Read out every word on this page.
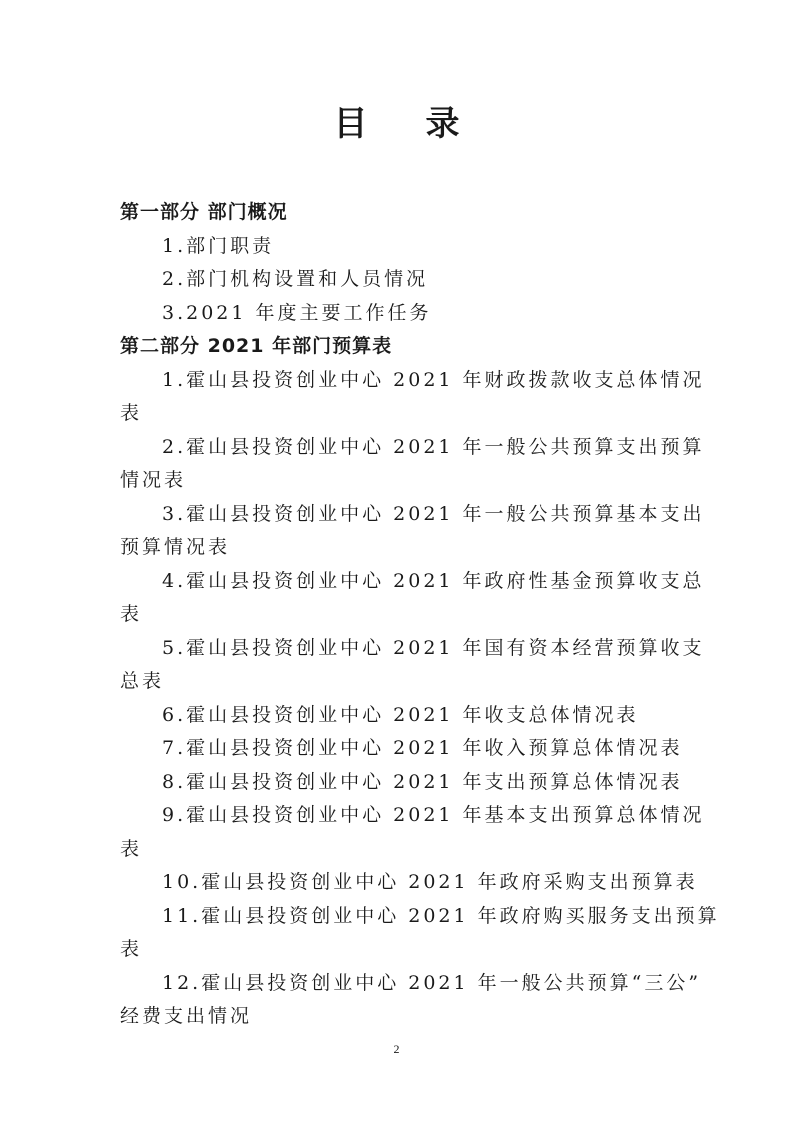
目录
第一部分 部门概况
1.部门职责
2.部门机构设置和人员情况
3.2021 年度主要工作任务
第二部分 2021 年部门预算表
1.霍山县投资创业中心 2021 年财政拨款收支总体情况
表
2.霍山县投资创业中心 2021 年一般公共预算支出预算
情况表
3.霍山县投资创业中心 2021 年一般公共预算基本支出
预算情况表
4.霍山县投资创业中心 2021 年政府性基金预算收支总
表
5.霍山县投资创业中心 2021 年国有资本经营预算收支
总表
6.霍山县投资创业中心 2021 年收支总体情况表
7.霍山县投资创业中心 2021 年收入预算总体情况表
8.霍山县投资创业中心 2021 年支出预算总体情况表
9.霍山县投资创业中心 2021 年基本支出预算总体情况
表
10.霍山县投资创业中心 2021 年政府采购支出预算表
11.霍山县投资创业中心 2021 年政府购买服务支出预算
表
12.霍山县投资创业中心 2021 年一般公共预算“三公”
经费支出情况
2
